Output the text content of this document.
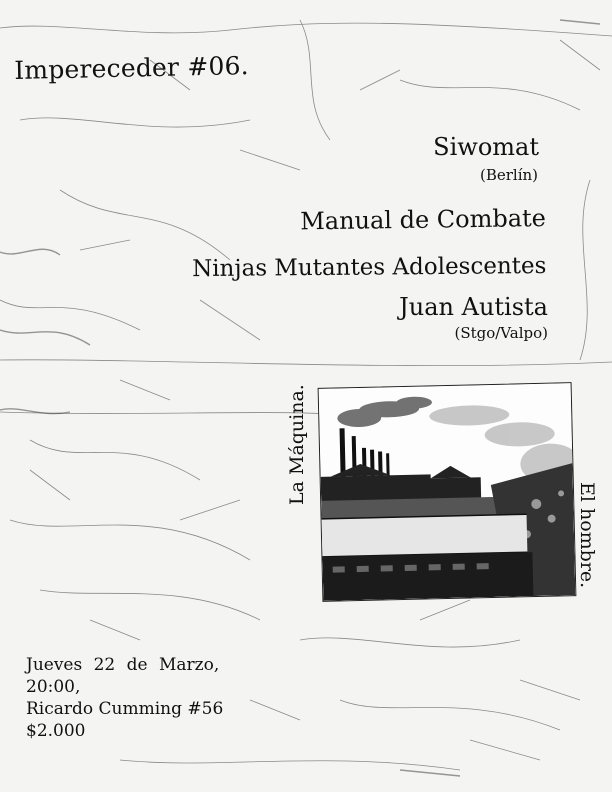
Impereceder #06.
Siwomat
(Berlín)
Manual de Combate
Ninjas Mutantes Adolescentes
Juan Autista
(Stgo/Valpo)
La Máquina.
El hombre.
Jueves 22 de Marzo,
20:00,
Ricardo Cumming #56
$2.000
